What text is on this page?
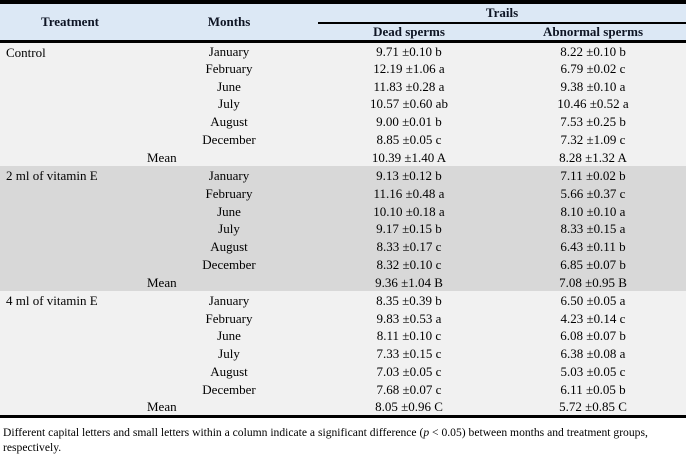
Treatment	Months	Trails	
		Dead sperms	Abnormal sperms
Control	January	9.71 ±0.10 b	8.22 ±0.10 b
	February	12.19 ±1.06 a	6.79 ±0.02 c
	June	11.83 ±0.28 a	9.38 ±0.10 a
	July	10.57 ±0.60 ab	10.46 ±0.52 a
	August	9.00 ±0.01 b	7.53 ±0.25 b
	December	8.85 ±0.05 c	7.32 ±1.09 c
	Mean	10.39 ±1.40 A	8.28 ±1.32 A
2 ml of vitamin E	January	9.13 ±0.12 b	7.11 ±0.02 b
	February	11.16 ±0.48 a	5.66 ±0.37 c
	June	10.10 ±0.18 a	8.10 ±0.10 a
	July	9.17 ±0.15 b	8.33 ±0.15 a
	August	8.33 ±0.17 c	6.43 ±0.11 b
	December	8.32 ±0.10 c	6.85 ±0.07 b
	Mean	9.36 ±1.04 B	7.08 ±0.95 B
4 ml of vitamin E	January	8.35 ±0.39 b	6.50 ±0.05 a
	February	9.83 ±0.53 a	4.23 ±0.14 c
	June	8.11 ±0.10 c	6.08 ±0.07 b
	July	7.33 ±0.15 c	6.38 ±0.08 a
	August	7.03 ±0.05 c	5.03 ±0.05 c
	December	7.68 ±0.07 c	6.11 ±0.05 b
	Mean	8.05 ±0.96 C	5.72 ±0.85 C
Different capital letters and small letters within a column indicate a significant difference (p < 0.05) between months and treatment groups, respectively.
